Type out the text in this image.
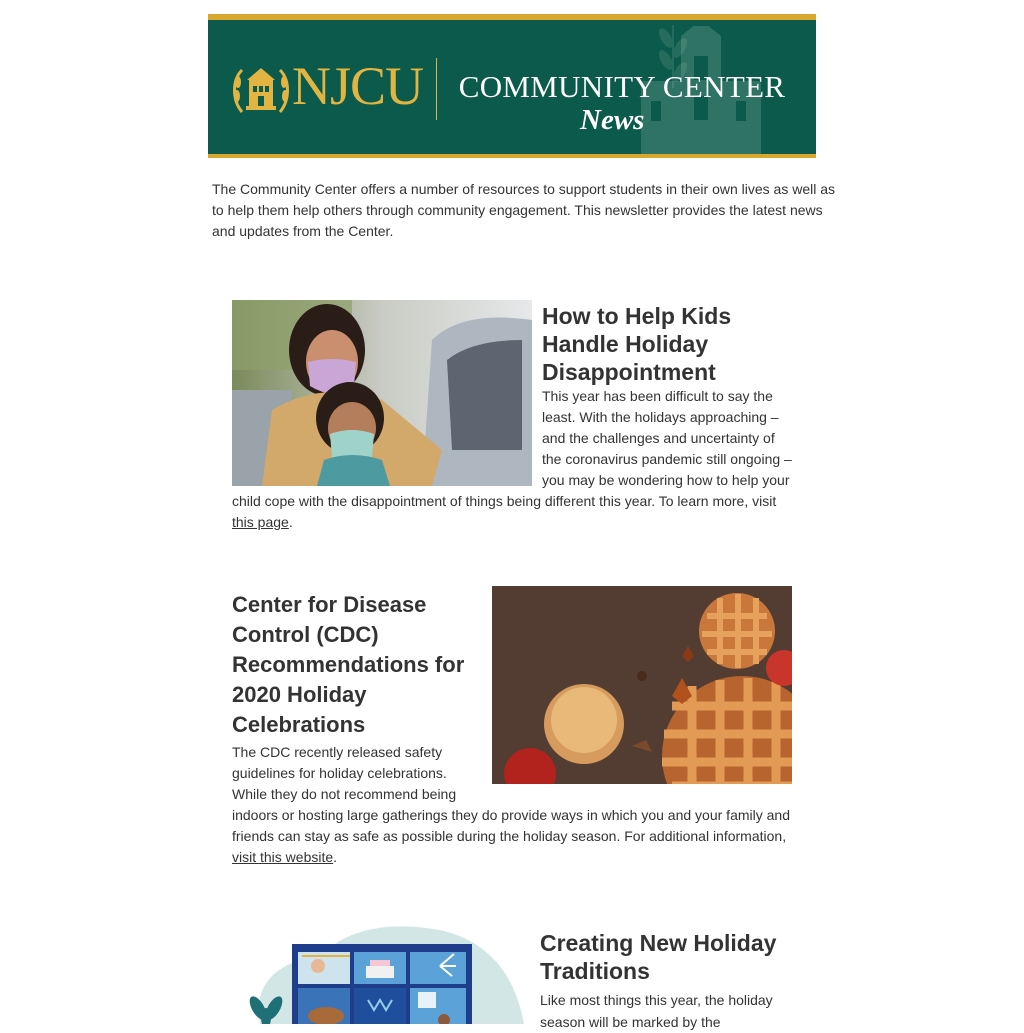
NJCU	COMMUNITY CENTER
News
The Community Center offers a number of resources to support students in their own lives as well as to help them help others through community engagement. This newsletter provides the latest news and updates from the Center.
How to Help Kids Handle Holiday Disappointment
This year has been difficult to say the least. With the holidays approaching – and the challenges and uncertainty of the coronavirus pandemic still ongoing – you may be wondering how to help your child cope with the disappointment of things being different this year. To learn more, visit this page.
Center for Disease Control (CDC) Recommendations for 2020 Holiday Celebrations
The CDC recently released safety guidelines for holiday celebrations. While they do not recommend being indoors or hosting large gatherings they do provide ways in which you and your family and friends can stay as safe as possible during the holiday season. For additional information, visit this website.
Creating New Holiday Traditions
Like most things this year, the holiday season will be marked by the
